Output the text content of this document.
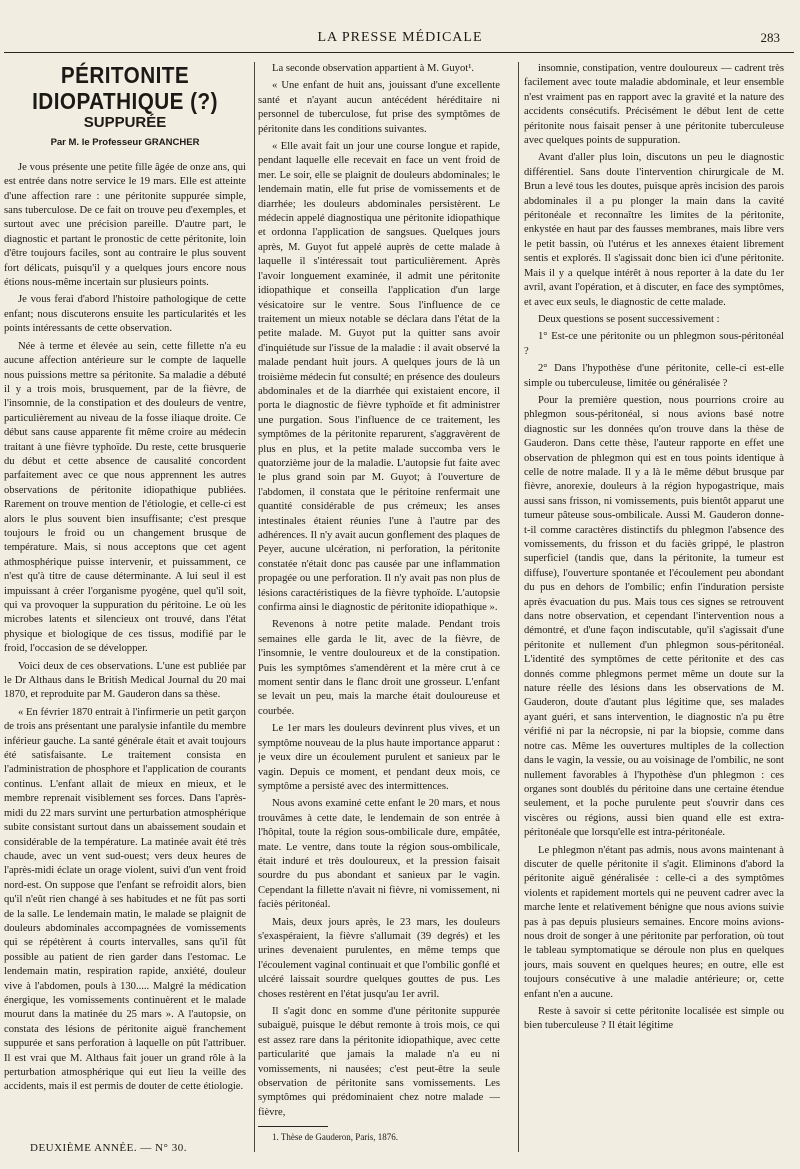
LA PRESSE MÉDICALE	283
PÉRITONITE IDIOPATHIQUE (?)
SUPPURÉE
Par M. le Professeur GRANCHER

Je vous présente une petite fille âgée de onze ans, qui est entrée dans notre service le 19 mars. Elle est atteinte d'une affection rare : une péritonite suppurée simple, sans tuberculose. De ce fait on trouve peu d'exemples, et surtout avec une précision pareille. D'autre part, le diagnostic et partant le pronostic de cette péritonite, loin d'être toujours faciles, sont au contraire le plus souvent fort délicats, puisqu'il y a quelques jours encore nous étions nous-même incertain sur plusieurs points.

Je vous ferai d'abord l'histoire pathologique de cette enfant; nous discuterons ensuite les particularités et les points intéressants de cette observation.

Née à terme et élevée au sein, cette fillette n'a eu aucune affection antérieure sur le compte de laquelle nous puissions mettre sa péritonite. Sa maladie a débuté il y a trois mois, brusquement, par de la fièvre, de l'insomnie, de la constipation et des douleurs de ventre, particulièrement au niveau de la fosse iliaque droite. Ce début sans cause apparente fit même croire au médecin traitant à une fièvre typhoïde. Du reste, cette brusquerie du début et cette absence de causalité concordent parfaitement avec ce que nous apprennent les autres observations de péritonite idiopathique publiées. Rarement on trouve mention de l'étiologie, et celle-ci est alors le plus souvent bien insuffisante; c'est presque toujours le froid ou un changement brusque de température. Mais, si nous acceptons que cet agent athmosphérique puisse intervenir, et puissamment, ce n'est qu'à titre de cause déterminante. A lui seul il est impuissant à créer l'organisme pyogène, quel qu'il soit, qui va provoquer la suppuration du péritoine. Le où les microbes latents et silencieux ont trouvé, dans l'état physique et biologique de ces tissus, modifié par le froid, l'occasion de se développer.

Voici deux de ces observations. L'une est publiée par le Dr Althaus dans le British Medical Journal du 20 mai 1870, et reproduite par M. Gauderon dans sa thèse.

« En février 1870 entrait à l'infirmerie un petit garçon de trois ans présentant une paralysie infantile du membre inférieur gauche. La santé générale était et avait toujours été satisfaisante. Le traitement consista en l'administration de phosphore et l'application de courants continus. L'enfant allait de mieux en mieux, et le membre reprenait visiblement ses forces. Dans l'après-midi du 22 mars survint une perturbation atmosphérique subite consistant surtout dans un abaissement soudain et considérable de la température. La matinée avait été très chaude, avec un vent sud-ouest; vers deux heures de l'après-midi éclate un orage violent, suivi d'un vent froid nord-est. On suppose que l'enfant se refroidit alors, bien qu'il n'eût rien changé à ses habitudes et ne fût pas sorti de la salle. Le lendemain matin, le malade se plaignit de douleurs abdominales accompagnées de vomissements qui se répétèrent à courts intervalles, sans qu'il fût possible au patient de rien garder dans l'estomac. Le lendemain matin, respiration rapide, anxiété, douleur vive à l'abdomen, pouls à 130..... Malgré la médication énergique, les vomissements continuèrent et le malade mourut dans la matinée du 25 mars ». A l'autopsie, on constata des lésions de péritonite aiguë franchement suppurée et sans perforation à laquelle on pût l'attribuer. Il est vrai que M. Althaus fait jouer un grand rôle à la perturbation atmosphérique qui eut lieu la veille des accidents, mais il est permis de douter de cette étiologie.

La seconde observation appartient à M. Guyot¹.

« Une enfant de huit ans, jouissant d'une excellente santé et n'ayant aucun antécédent héréditaire ni personnel de tuberculose, fut prise des symptômes de péritonite dans les conditions suivantes.

« Elle avait fait un jour une course longue et rapide, pendant laquelle elle recevait en face un vent froid de mer. Le soir, elle se plaignit de douleurs abdominales; le lendemain matin, elle fut prise de vomissements et de diarrhée; les douleurs abdominales persistèrent. Le médecin appelé diagnostiqua une péritonite idiopathique et ordonna l'application de sangsues. Quelques jours après, M. Guyot fut appelé auprès de cette malade à laquelle il s'intéressait tout particulièrement. Après l'avoir longuement examinée, il admit une péritonite idiopathique et conseilla l'application d'un large vésicatoire sur le ventre. Sous l'influence de ce traitement un mieux notable se déclara dans l'état de la petite malade. M. Guyot put la quitter sans avoir d'inquiétude sur l'issue de la maladie : il avait observé la malade pendant huit jours. A quelques jours de là un troisième médecin fut consulté; en présence des douleurs abdominales et de la diarrhée qui existaient encore, il porta le diagnostic de fièvre typhoïde et fit administrer une purgation. Sous l'influence de ce traitement, les symptômes de la péritonite reparurent, s'aggravèrent de plus en plus, et la petite malade succomba vers le quatorzième jour de la maladie. L'autopsie fut faite avec le plus grand soin par M. Guyot; à l'ouverture de l'abdomen, il constata que le péritoine renfermait une quantité considérable de pus crémeux; les anses intestinales étaient réunies l'une à l'autre par des adhérences. Il n'y avait aucun gonflement des plaques de Peyer, aucune ulcération, ni perforation, la péritonite constatée n'était donc pas causée par une inflammation propagée ou une perforation. Il n'y avait pas non plus de lésions caractéristiques de la fièvre typhoïde. L'autopsie confirma ainsi le diagnostic de péritonite idiopathique ».

Revenons à notre petite malade. Pendant trois semaines elle garda le lit, avec de la fièvre, de l'insomnie, le ventre douloureux et de la constipation. Puis les symptômes s'amendèrent et la mère crut à ce moment sentir dans le flanc droit une grosseur. L'enfant se levait un peu, mais la marche était douloureuse et courbée.

Le 1er mars les douleurs devinrent plus vives, et un symptôme nouveau de la plus haute importance apparut : je veux dire un écoulement purulent et sanieux par le vagin. Depuis ce moment, et pendant deux mois, ce symptôme a persisté avec des intermittences.

Nous avons examiné cette enfant le 20 mars, et nous trouvâmes à cette date, le lendemain de son entrée à l'hôpital, toute la région sous-ombilicale dure, empâtée, mate. Le ventre, dans toute la région sous-ombilicale, était induré et très douloureux, et la pression faisait sourdre du pus abondant et sanieux par le vagin. Cependant la fillette n'avait ni fièvre, ni vomissement, ni faciès péritonéal.

Mais, deux jours après, le 23 mars, les douleurs s'exaspéraient, la fièvre s'allumait (39 degrés) et les urines devenaient purulentes, en même temps que l'écoulement vaginal continuait et que l'ombilic gonflé et ulcéré laissait sourdre quelques gouttes de pus. Les choses restèrent en l'état jusqu'au 1er avril.

Il s'agit donc en somme d'une péritonite suppurée subaiguë, puisque le début remonte à trois mois, ce qui est assez rare dans la péritonite idiopathique, avec cette particularité que jamais la malade n'a eu ni vomissements, ni nausées; c'est peut-être la seule observation de péritonite sans vomissements. Les symptômes qui prédominaient chez notre malade — fièvre,

1. Thèse de Gauderon, Paris, 1876.

insomnie, constipation, ventre douloureux — cadrent très facilement avec toute maladie abdominale, et leur ensemble n'est vraiment pas en rapport avec la gravité et la nature des accidents consécutifs. Précisément le début lent de cette péritonite nous faisait penser à une péritonite tuberculeuse avec quelques points de suppuration.

Avant d'aller plus loin, discutons un peu le diagnostic différentiel. Sans doute l'intervention chirurgicale de M. Brun a levé tous les doutes, puisque après incision des parois abdominales il a pu plonger la main dans la cavité péritonéale et reconnaître les limites de la péritonite, enkystée en haut par des fausses membranes, mais libre vers le petit bassin, où l'utérus et les annexes étaient librement sentis et explorés. Il s'agissait donc bien ici d'une péritonite. Mais il y a quelque intérêt à nous reporter à la date du 1er avril, avant l'opération, et à discuter, en face des symptômes, et avec eux seuls, le diagnostic de cette malade.

Deux questions se posent successivement :

1° Est-ce une péritonite ou un phlegmon sous-péritonéal ?

2° Dans l'hypothèse d'une péritonite, celle-ci est-elle simple ou tuberculeuse, limitée ou généralisée ?

Pour la première question, nous pourrions croire au phlegmon sous-péritonéal, si nous avions basé notre diagnostic sur les données qu'on trouve dans la thèse de Gauderon. Dans cette thèse, l'auteur rapporte en effet une observation de phlegmon qui est en tous points identique à celle de notre malade. Il y a là le même début brusque par fièvre, anorexie, douleurs à la région hypogastrique, mais aussi sans frisson, ni vomissements, puis bientôt apparut une tumeur pâteuse sous-ombilicale. Aussi M. Gauderon donne-t-il comme caractères distinctifs du phlegmon l'absence des vomissements, du frisson et du faciès grippé, le plastron superficiel (tandis que, dans la péritonite, la tumeur est diffuse), l'ouverture spontanée et l'écoulement peu abondant du pus en dehors de l'ombilic; enfin l'induration persiste après évacuation du pus. Mais tous ces signes se retrouvent dans notre observation, et cependant l'intervention nous a démontré, et d'une façon indiscutable, qu'il s'agissait d'une péritonite et nullement d'un phlegmon sous-péritonéal. L'identité des symptômes de cette péritonite et des cas donnés comme phlegmons permet même un doute sur la nature réelle des lésions dans les observations de M. Gauderon, doute d'autant plus légitime que, ses malades ayant guéri, et sans intervention, le diagnostic n'a pu être vérifié ni par la nécropsie, ni par la biopsie, comme dans notre cas. Même les ouvertures multiples de la collection dans le vagin, la vessie, ou au voisinage de l'ombilic, ne sont nullement favorables à l'hypothèse d'un phlegmon : ces organes sont doublés du péritoine dans une certaine étendue seulement, et la poche purulente peut s'ouvrir dans ces viscères ou régions, aussi bien quand elle est extra-péritonéale que lorsqu'elle est intra-péritonéale.

Le phlegmon n'étant pas admis, nous avons maintenant à discuter de quelle péritonite il s'agit. Eliminons d'abord la péritonite aiguë généralisée : celle-ci a des symptômes violents et rapidement mortels qui ne peuvent cadrer avec la marche lente et relativement bénigne que nous avions suivie pas à pas depuis plusieurs semaines. Encore moins avions-nous droit de songer à une péritonite par perforation, où tout le tableau symptomatique se déroule non plus en quelques jours, mais souvent en quelques heures; en outre, elle est toujours consécutive à une maladie antérieure; or, cette enfant n'en a aucune.

Reste à savoir si cette péritonite localisée est simple ou bien tuberculeuse ? Il était légitime

DEUXIÈME ANNÉE. — N° 30.
